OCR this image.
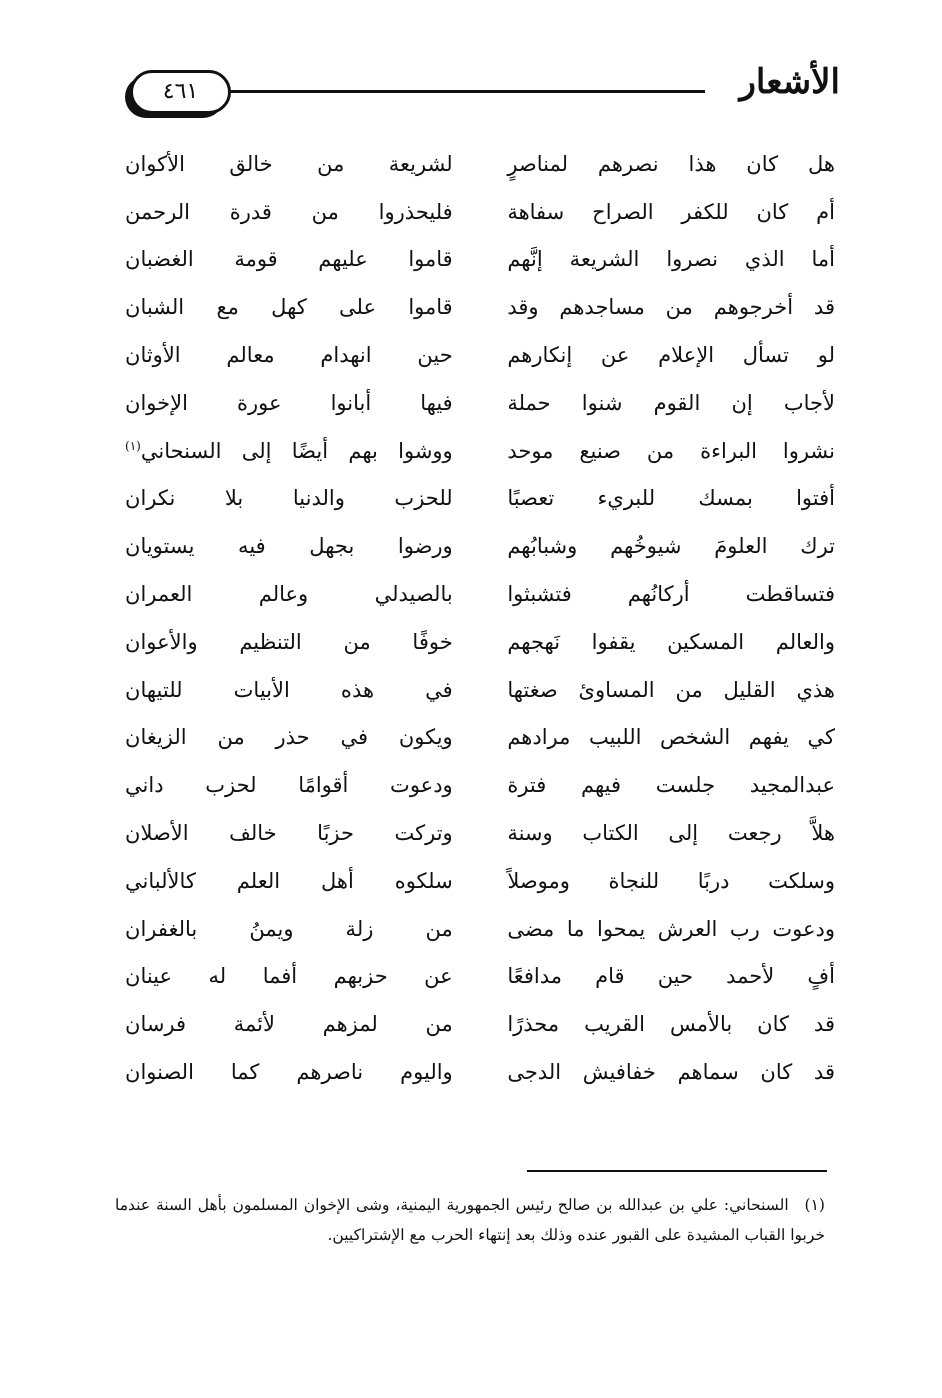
الأشعار
٤٦١
هل كان هذا نصرهم لمناصرٍ
لشريعة من خالق الأكوان
أم كان للكفر الصراح سفاهة
فليحذروا من قدرة الرحمن
أما الذي نصروا الشريعة إنَّهم
قاموا عليهم قومة الغضبان
قد أخرجوهم من مساجدهم وقد
قاموا على كهل مع الشبان
لو تسأل الإعلام عن إنكارهم
حين انهدام معالم الأوثان
لأجاب إن القوم شنوا حملة
فيها أبانوا عورة الإخوان
نشروا البراءة من صنيع موحد
ووشوا بهم أيضًا إلى السنحاني$^{(١)}$
أفتوا بمسك للبريء تعصبًا
للحزب والدنيا بلا نكران
ترك العلومَ شيوخُهم وشبابُهم
ورضوا بجهل فيه يستويان
فتساقطت أركانُهم فتشبثوا
بالصيدلي وعالم العمران
والعالم المسكين يقفوا نَهجهم
خوفًا من التنظيم والأعوان
هذي القليل من المساوئ صغتها
في هذه الأبيات للتيهان
كي يفهم الشخص اللبيب مرادهم
ويكون في حذر من الزيغان
عبدالمجيد جلست فيهم فترة
ودعوت أقوامًا لحزب داني
هلاَّ رجعت إلى الكتاب وسنة
وتركت حزبًا خالف الأصلان
وسلكت دربًا للنجاة وموصلاً
سلكوه أهل العلم كالألباني
ودعوت رب العرش يمحوا ما مضى
من زلة ويمنُ بالغفران
أفٍ لأحمد حين قام مدافعًا
عن حزبهم أفما له عينان
قد كان بالأمس القريب محذرًا
من لمزهم لأئمة فرسان
قد كان سماهم خفافيش الدجى
واليوم ناصرهم كما الصنوان
(١) السنحاني: علي بن عبدالله بن صالح رئيس الجمهورية اليمنية، وشى الإخوان المسلمون بأهل السنة عندما خربوا القباب المشيدة على القبور عنده وذلك بعد إنتهاء الحرب مع الإشتراكيين.
